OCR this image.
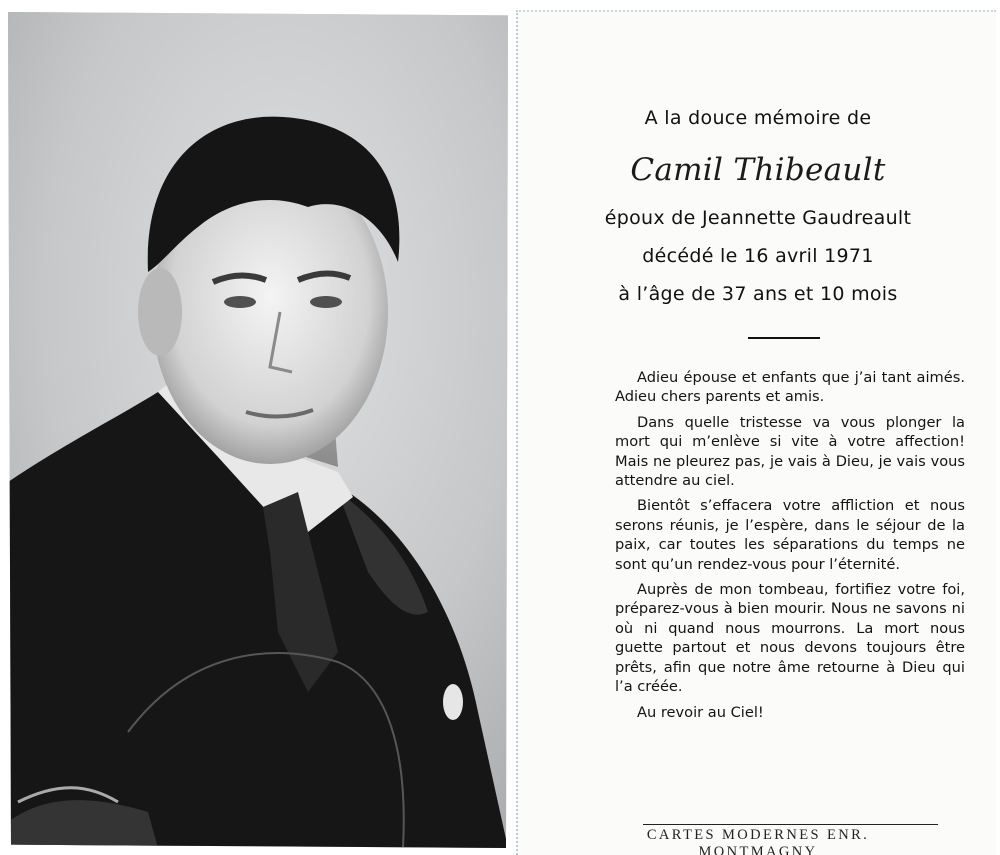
A la douce mémoire de
Camil Thibeault
époux de Jeannette Gaudreault
décédé le 16 avril 1971
à l’âge de 37 ans et 10 mois

Adieu épouse et enfants que j’ai tant aimés. Adieu chers parents et amis.

Dans quelle tristesse va vous plonger la mort qui m’enlève si vite à votre affection! Mais ne pleurez pas, je vais à Dieu, je vais vous attendre au ciel.

Bientôt s’effacera votre affliction et nous serons réunis, je l’espère, dans le séjour de la paix, car toutes les séparations du temps ne sont qu’un rendez-vous pour l’éternité.

Auprès de mon tombeau, fortifiez votre foi, préparez-vous à bien mourir. Nous ne savons ni où ni quand nous mourrons. La mort nous guette partout et nous devons toujours être prêts, afin que notre âme retourne à Dieu qui l’a créée.

Au revoir au Ciel!

CARTES MODERNES ENR.
MONTMAGNY
